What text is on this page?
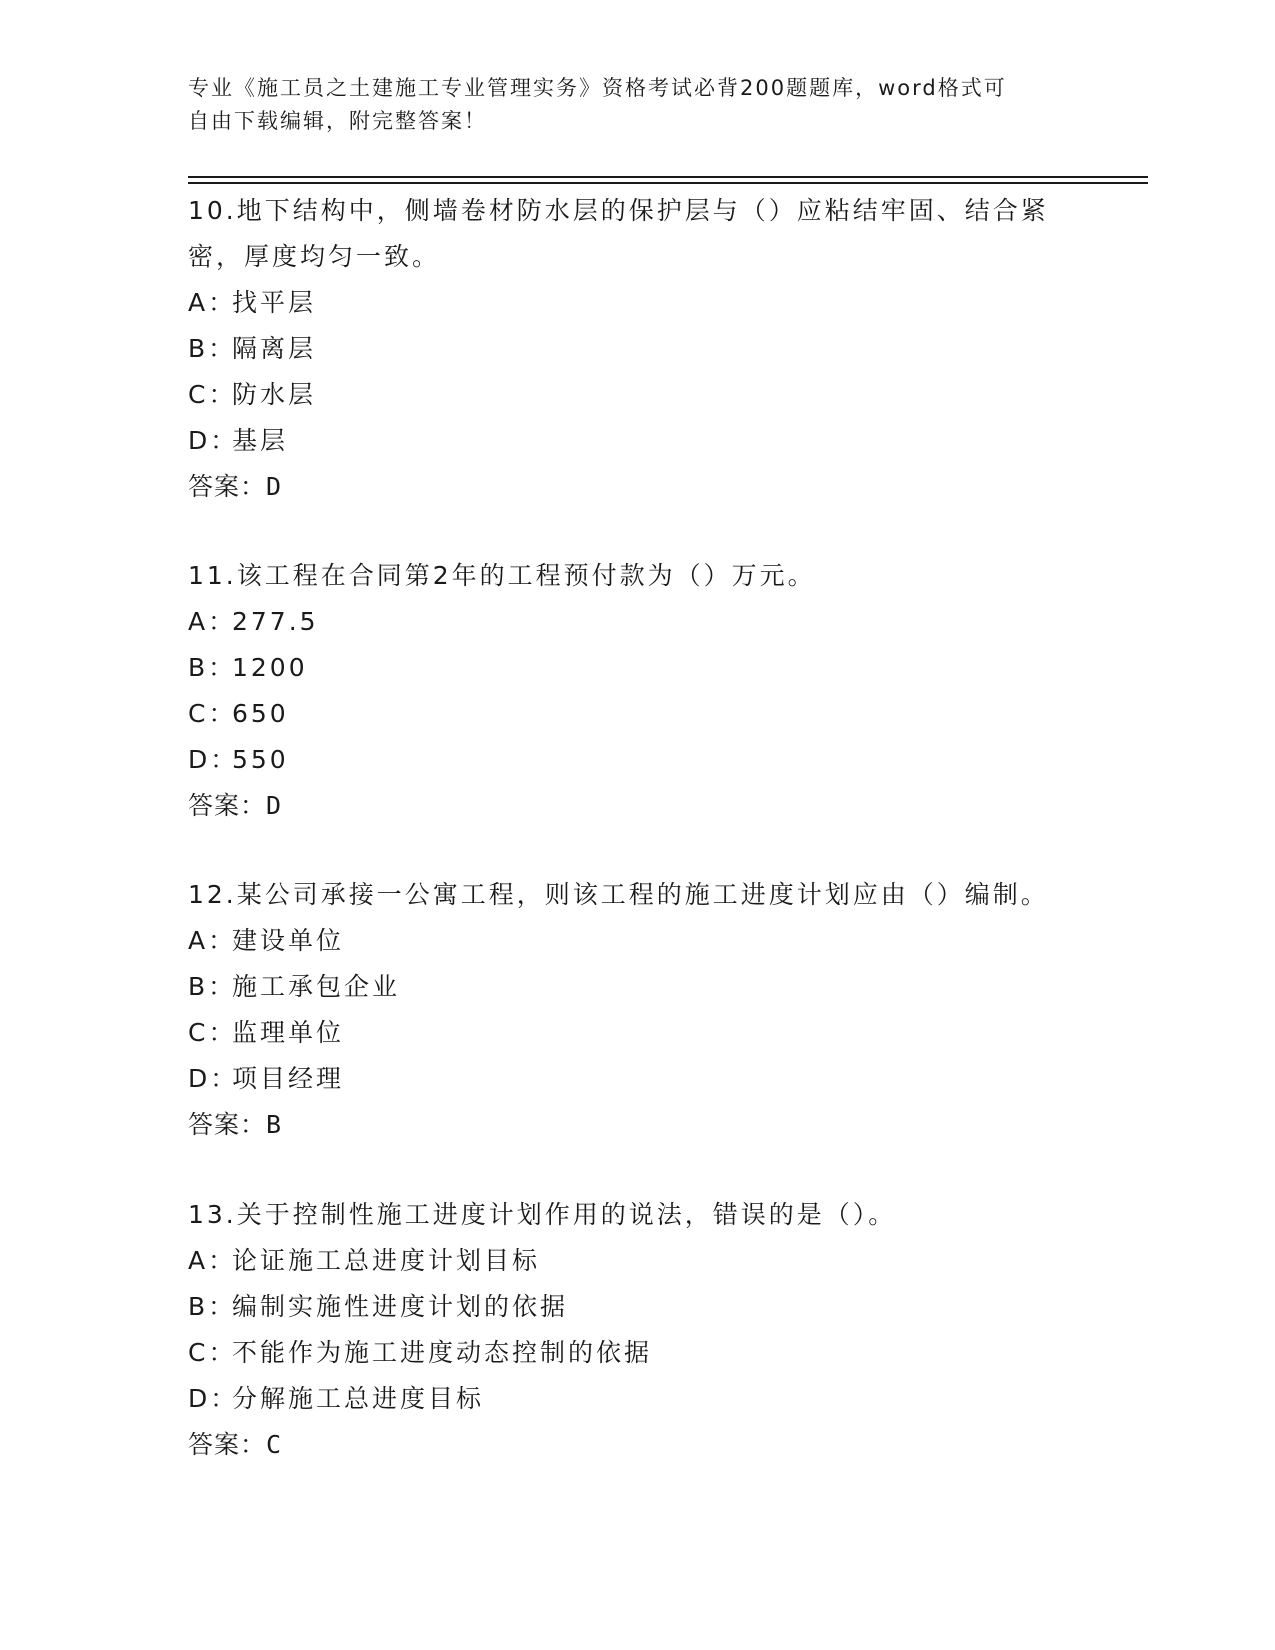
专业《施工员之土建施工专业管理实务》资格考试必背200题题库，word格式可
自由下载编辑，附完整答案！

10.地下结构中，侧墙卷材防水层的保护层与（）应粘结牢固、结合紧

密，厚度均匀一致。

A：找平层

B：隔离层

C：防水层

D：基层

答案：D

11.该工程在合同第2年的工程预付款为（）万元。

A：277.5

B：1200

C：650

D：550

答案：D

12.某公司承接一公寓工程，则该工程的施工进度计划应由（）编制。

A：建设单位

B：施工承包企业

C：监理单位

D：项目经理

答案：B

13.关于控制性施工进度计划作用的说法，错误的是（）。

A：论证施工总进度计划目标

B：编制实施性进度计划的依据

C：不能作为施工进度动态控制的依据

D：分解施工总进度目标

答案：C
